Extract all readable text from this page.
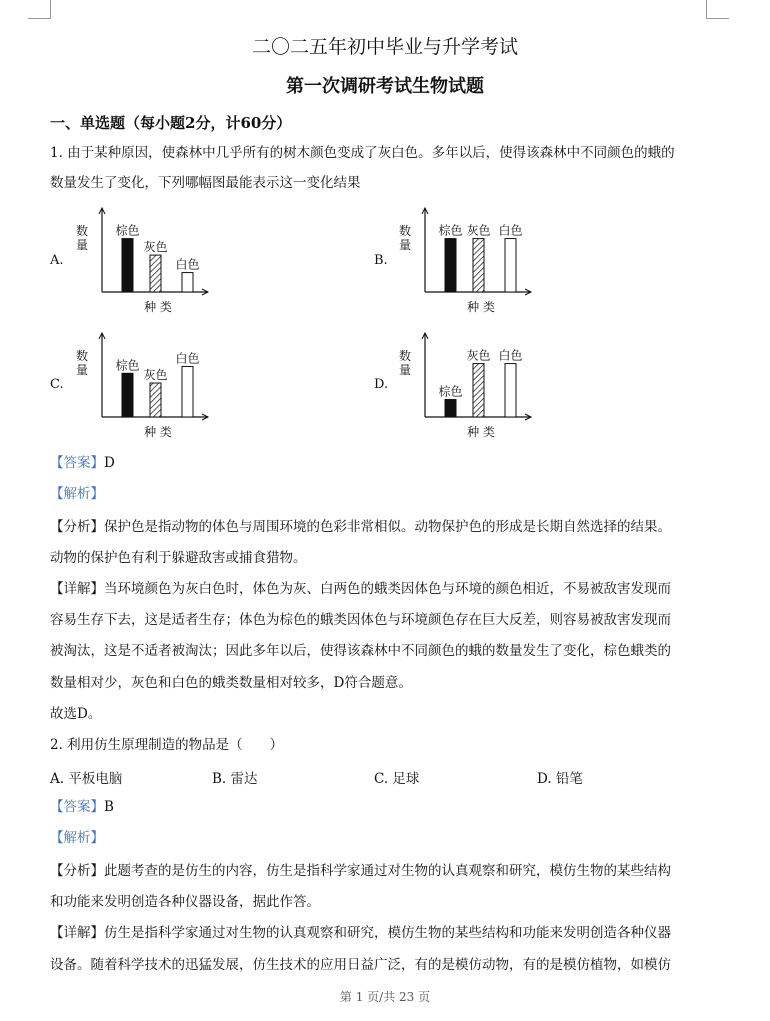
二〇二五年初中毕业与升学考试
第一次调研考试生物试题
一、单选题（每小题2分，计60分）
1. 由于某种原因，使森林中几乎所有的树木颜色变成了灰白色。多年以后，使得该森林中不同颜色的蛾的
数量发生了变化，下列哪幅图最能表示这一变化结果
A.	B.
C.	D.
数量
种 类
棕色
灰色
白色
数量
种 类
棕色 灰色 白色
数量
种 类
棕色
灰色
白色	数量
种 类
棕色
灰色 白色
【答案】D
【解析】
【分析】保护色是指动物的体色与周围环境的色彩非常相似。动物保护色的形成是长期自然选择的结果。
动物的保护色有利于躲避敌害或捕食猎物。
【详解】当环境颜色为灰白色时，体色为灰、白两色的蛾类因体色与环境的颜色相近，不易被敌害发现而
容易生存下去，这是适者生存；体色为棕色的蛾类因体色与环境颜色存在巨大反差，则容易被敌害发现而
被淘汰，这是不适者被淘汰；因此多年以后，使得该森林中不同颜色的蛾的数量发生了变化，棕色蛾类的
数量相对少，灰色和白色的蛾类数量相对较多，D符合题意。
故选D。
2. 利用仿生原理制造的物品是（　　）
A. 平板电脑	B. 雷达	C. 足球	D. 铅笔
【答案】B
【解析】
【分析】此题考查的是仿生的内容，仿生是指科学家通过对生物的认真观察和研究，模仿生物的某些结构
和功能来发明创造各种仪器设备，据此作答。
【详解】仿生是指科学家通过对生物的认真观察和研究，模仿生物的某些结构和功能来发明创造各种仪器
设备。随着科学技术的迅猛发展，仿生技术的应用日益广泛，有的是模仿动物，有的是模仿植物，如模仿
第 1 页/共 23 页
